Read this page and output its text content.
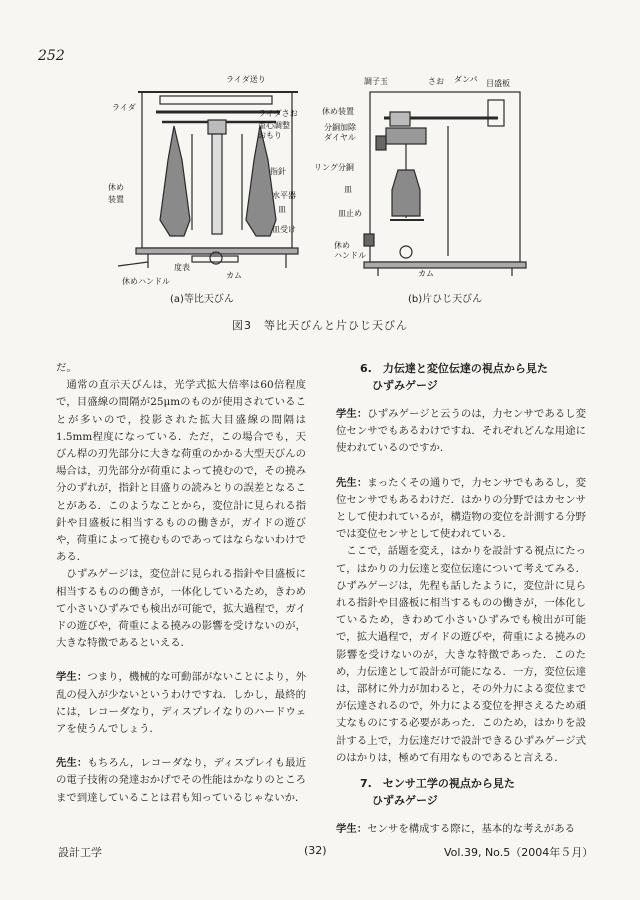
252
ライダ送り
ライダ
ライダさお
重心調整
おもり
指針
水平器
皿
皿受け
休め
装置
度表
カム
休めハンドル
調子玉	さお ダンパ 目盛板
休め装置
分銅加除
ダイヤル
リング分銅
皿
皿止め
休め
ハンドル
カム
(a)等比天びん	(b)片ひじ天びん
図3　等比天びんと片ひじ天びん

だ。

通常の直示天びんは，光学式拡大倍率は60倍程度で，目盛線の間隔が25μmのものが使用されていることが多いので，投影された拡大目盛線の間隔は1.5mm程度になっている．ただ，この場合でも，天びん桿の刃先部分に大きな荷重のかかる大型天びんの場合は，刃先部分が荷重によって撓むので，その撓み分のずれが，指針と目盛りの読みとりの誤差となることがある．このようなことから，変位計に見られる指針や目盛板に相当するものの働きが，ガイドの遊びや，荷重によって撓むものであってはならないわけである．

ひずみゲージは，変位計に見られる指針や目盛板に相当するものの働きが，一体化しているため，きわめて小さいひずみでも検出が可能で，拡大過程で，ガイドの遊びや，荷重による撓みの影響を受けないのが，大きな特徴であるといえる．

学生：つまり，機械的な可動部がないことにより，外乱の侵入が少ないというわけですね．しかし，最終的には，レコーダなり，ディスプレイなりのハードウェアを使うんでしょう．

先生：もちろん，レコーダなり，ディスプレイも最近の電子技術の発達おかげでその性能はかなりのところまで到達していることは君も知っているじゃないか．

6.　力伝達と変位伝達の視点から見た
ひずみゲージ

学生：ひずみゲージと云うのは，力センサであるし変位センサでもあるわけですね．それぞれどんな用途に使われているのですか．

先生：まったくその通りで，力センサでもあるし，変位センサでもあるわけだ．はかりの分野ではカセンサとして使われているが，構造物の変位を計測する分野では変位センサとして使われている．

ここで，話題を変え，はかりを設計する視点にたって，はかりの力伝達と変位伝達について考えてみる．ひずみゲージは，先程も話したように，変位計に見られる指針や目盛板に相当するものの働きが，一体化しているため，きわめて小さいひずみでも検出が可能で，拡大過程で，ガイドの遊びや，荷重による撓みの影響を受けないのが，大きな特徴であった．このため，力伝達として設計が可能になる．一方，変位伝達は，部材に外力が加わると，その外力による変位までが伝達されるので，外力による変位を押さえるため頑丈なものにする必要があった．このため，はかりを設計する上で，力伝達だけで設計できるひずみゲージ式のはかりは，極めて有用なものであると言える．

7.　センサ工学の視点から見た
ひずみゲージ

学生：センサを構成する際に，基本的な考えがある

設計工学	(32)	Vol.39, No.5（2004年５月）
